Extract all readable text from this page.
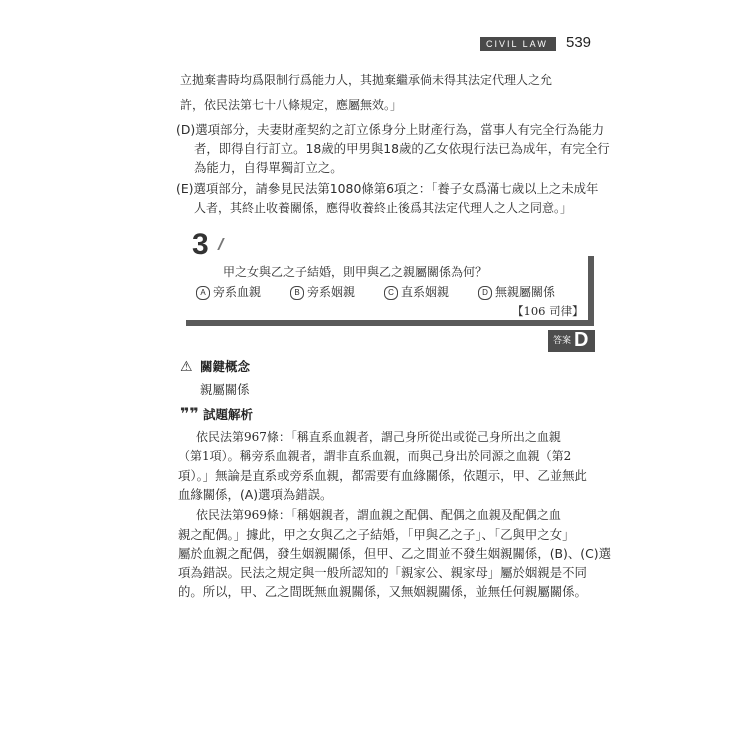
CIVIL LAW 539
立拋棄書時均爲限制行爲能力人，其拋棄繼承倘未得其法定代理人之允
許，依民法第七十八條規定，應屬無效。」
(D)選項部分，夫妻財產契約之訂立係身分上財產行為，當事人有完全行為能力
者，即得自行訂立。18歲的甲男與18歲的乙女依現行法已為成年，有完全行
為能力，自得單獨訂立之。
(E)選項部分，請參見民法第1080條第6項之：「養子女爲滿七歲以上之未成年
人者，其終止收養關係，應得收養終止後爲其法定代理人之人之同意。」
3
甲之女與乙之子結婚，則甲與乙之親屬關係為何？
A 旁系血親	B 旁系姻親	C 直系姻親	D 無親屬關係
【106 司律】
答案 D
⚠ 關鍵概念
親屬關係
❞❞ 試題解析
依民法第967條：「稱直系血親者，謂己身所從出或從己身所出之血親
（第1項）。稱旁系血親者，謂非直系血親，而與己身出於同源之血親（第2
項）。」無論是直系或旁系血親，都需要有血緣關係，依題示，甲、乙並無此
血緣關係，(A)選項為錯誤。
依民法第969條：「稱姻親者，謂血親之配偶、配偶之血親及配偶之血
親之配偶。」據此，甲之女與乙之子結婚，「甲與乙之子」、「乙與甲之女」
屬於血親之配偶，發生姻親關係，但甲、乙之間並不發生姻親關係，(B)、(C)選
項為錯誤。民法之規定與一般所認知的「親家公、親家母」屬於姻親是不同
的。所以，甲、乙之間既無血親關係，又無姻親關係，並無任何親屬關係。
